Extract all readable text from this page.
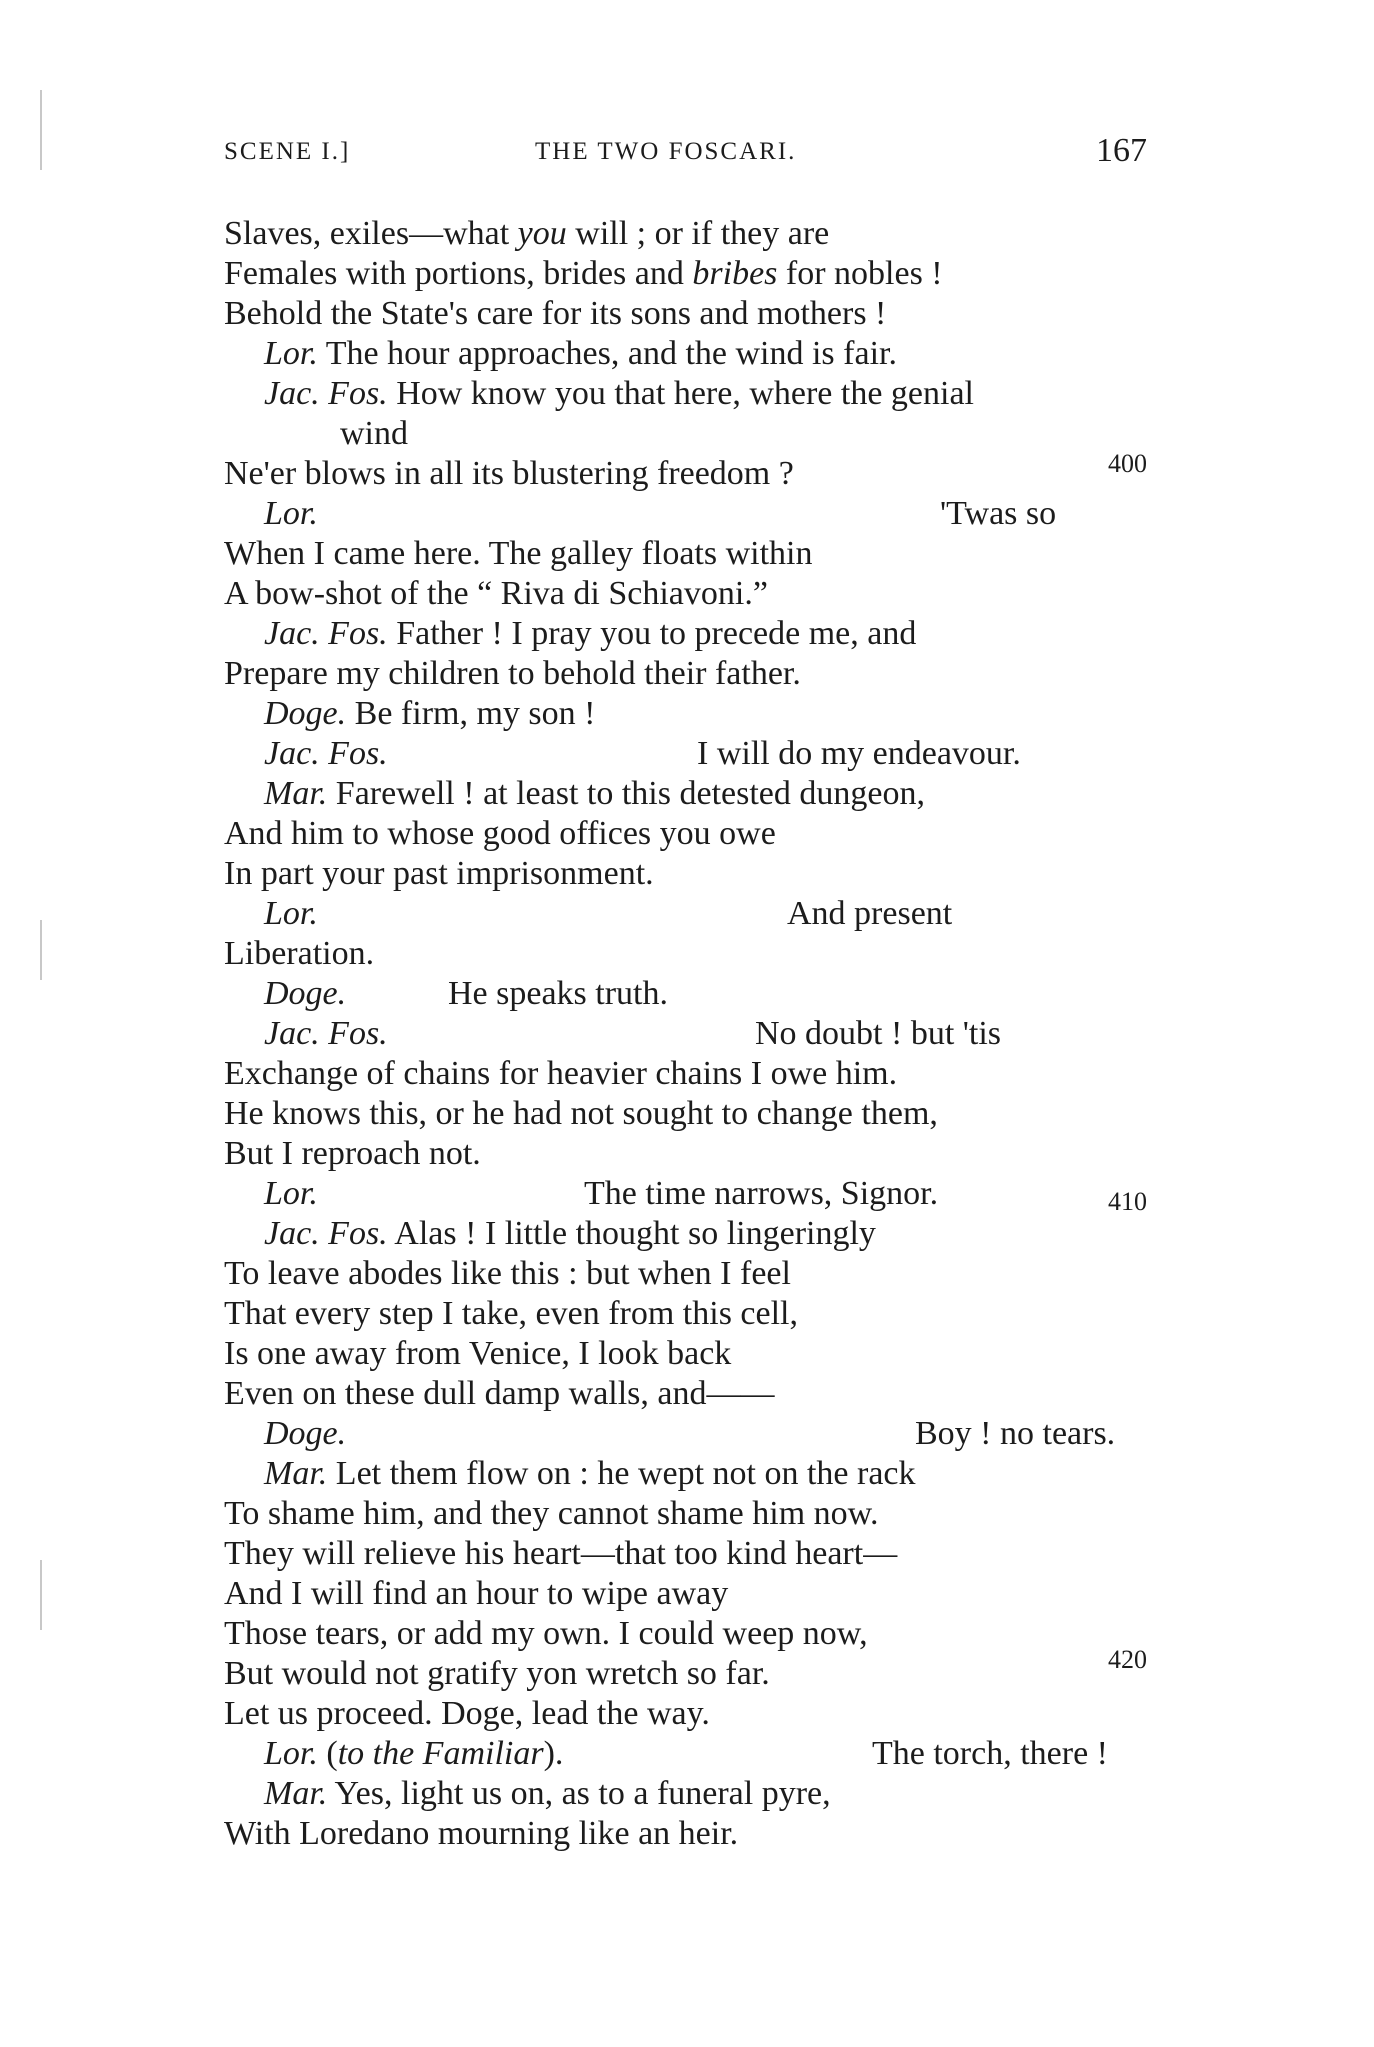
SCENE I.]	THE TWO FOSCARI.	167
Slaves, exiles—what you will ; or if they are
Females with portions, brides and bribes for nobles !
Behold the State's care for its sons and mothers !
Lor. The hour approaches, and the wind is fair.
Jac. Fos. How know you that here, where the genial
wind
Ne'er blows in all its blustering freedom ?
Lor.	'Twas so
When I came here. The galley floats within
A bow-shot of the “ Riva di Schiavoni.”
Jac. Fos. Father ! I pray you to precede me, and
Prepare my children to behold their father.
Doge. Be firm, my son !
Jac. Fos.	I will do my endeavour.
Mar. Farewell ! at least to this detested dungeon,
And him to whose good offices you owe
In part your past imprisonment.
Lor.	And present
Liberation.
Doge.	He speaks truth.
Jac. Fos.	No doubt ! but 'tis
Exchange of chains for heavier chains I owe him.
He knows this, or he had not sought to change them,
But I reproach not.
Lor.	The time narrows, Signor.
Jac. Fos. Alas ! I little thought so lingeringly
To leave abodes like this : but when I feel
That every step I take, even from this cell,
Is one away from Venice, I look back
Even on these dull damp walls, and——
Doge.	Boy ! no tears.
Mar. Let them flow on : he wept not on the rack
To shame him, and they cannot shame him now.
They will relieve his heart—that too kind heart—
And I will find an hour to wipe away
Those tears, or add my own. I could weep now,
But would not gratify yon wretch so far.
Let us proceed. Doge, lead the way.
Lor. (to the Familiar).	The torch, there !
Mar. Yes, light us on, as to a funeral pyre,
With Loredano mourning like an heir.
400
410
420
